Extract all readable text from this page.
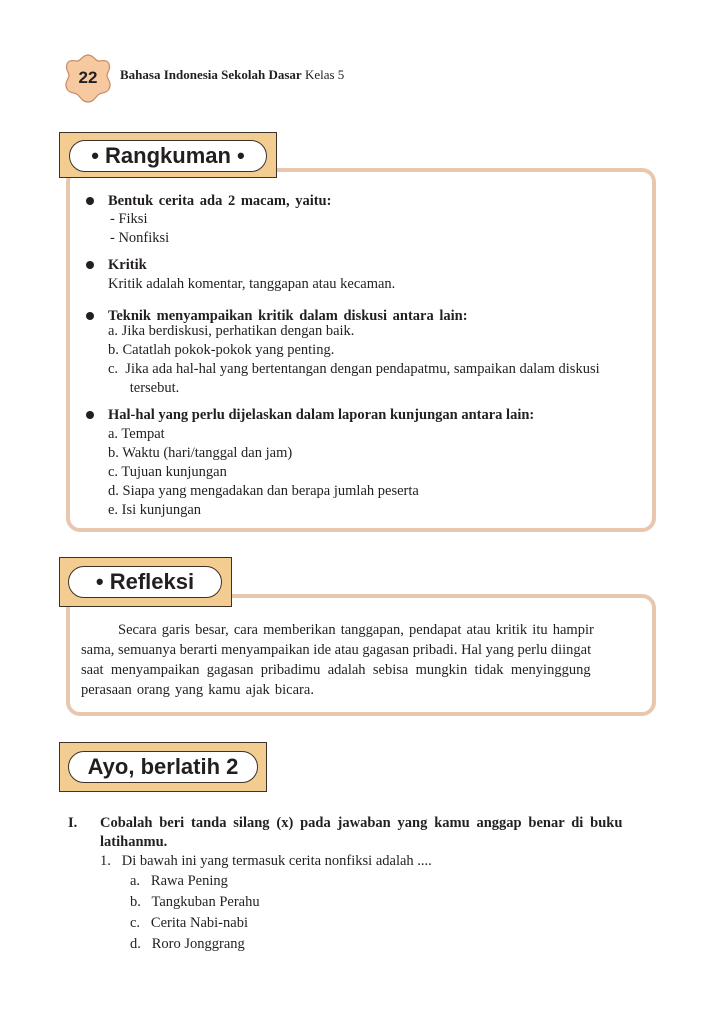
22	Bahasa Indonesia Sekolah Dasar Kelas 5
• Rangkuman •
Bentuk cerita ada 2 macam, yaitu:
- Fiksi
- Nonfiksi
Kritik
Kritik adalah komentar, tanggapan atau kecaman.
Teknik menyampaikan kritik dalam diskusi antara lain:
a. Jika berdiskusi, perhatikan dengan baik.
b. Catatlah pokok-pokok yang penting.
c.  Jika ada hal-hal yang bertentangan dengan pendapatmu, sampaikan dalam diskusi
tersebut.
Hal-hal yang perlu dijelaskan dalam laporan kunjungan antara lain:
a. Tempat
b. Waktu (hari/tanggal dan jam)
c. Tujuan kunjungan
d. Siapa yang mengadakan dan berapa jumlah peserta
e. Isi kunjungan
• Refleksi
Secara garis besar, cara memberikan tanggapan, pendapat atau kritik itu hampir
sama, semuanya berarti menyampaikan ide atau gagasan pribadi. Hal yang perlu diingat
saat menyampaikan gagasan pribadimu adalah sebisa mungkin tidak menyinggung
perasaan orang yang kamu ajak bicara.
Ayo, berlatih 2
I. Cobalah beri tanda silang (x) pada jawaban yang kamu anggap benar di buku
latihanmu.
1.   Di bawah ini yang termasuk cerita nonfiksi adalah ....
a.   Rawa Pening
b.   Tangkuban Perahu
c.   Cerita Nabi-nabi
d.   Roro Jonggrang
